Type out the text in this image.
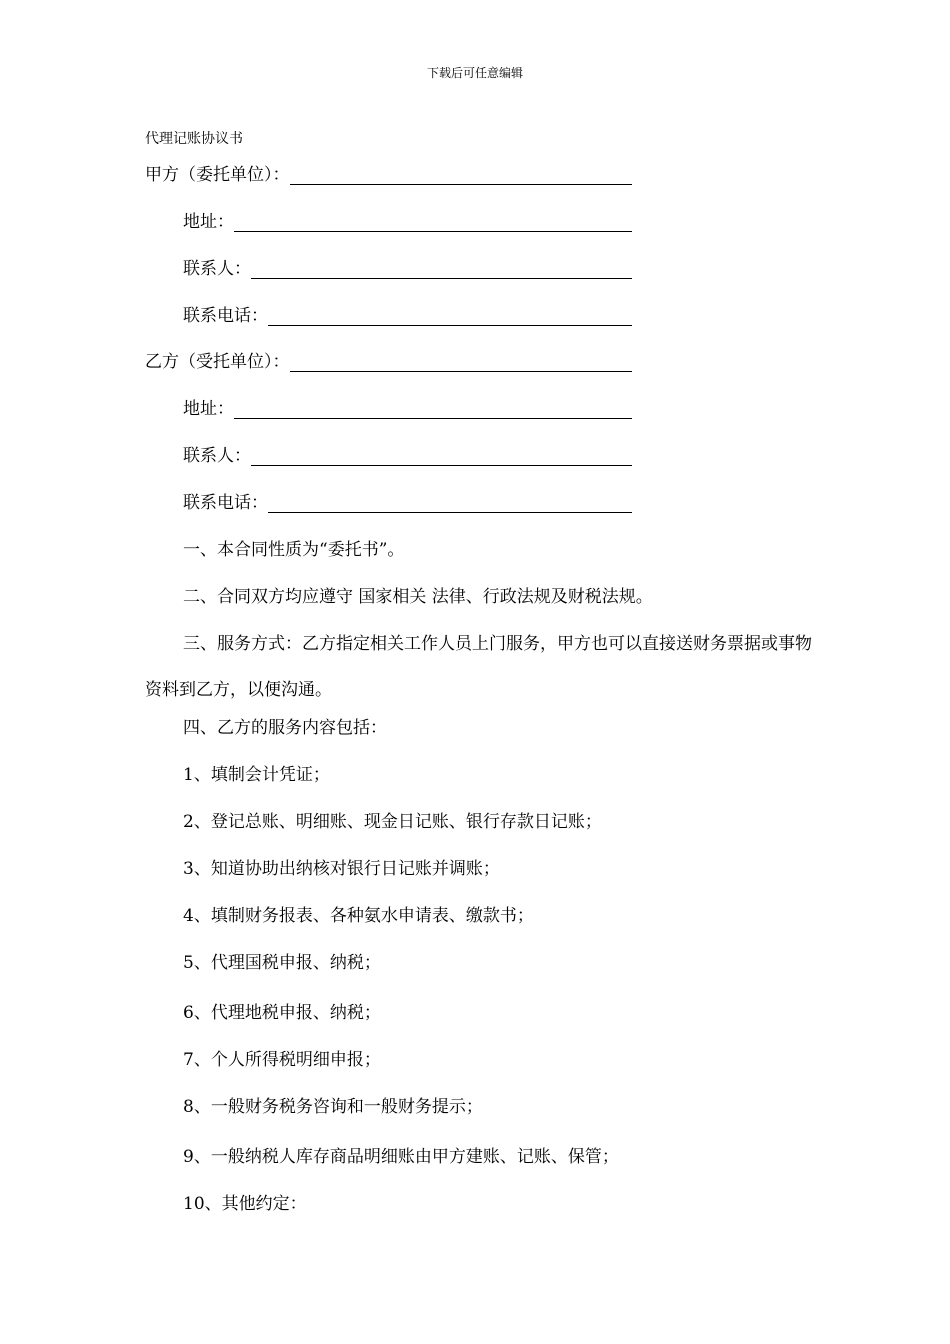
下载后可任意编辑
代理记账协议书
甲方（委托单位）：
地址：
联系人：
联系电话：
乙方（受托单位）：
地址：
联系人：
联系电话：
一、本合同性质为“委托书”。
二、合同双方均应遵守 国家相关 法律、行政法规及财税法规。
三、服务方式：乙方指定相关工作人员上门服务，甲方也可以直接送财务票据或事物资料到乙方，以便沟通。
四、乙方的服务内容包括：
1、填制会计凭证；
2、登记总账、明细账、现金日记账、银行存款日记账；
3、知道协助出纳核对银行日记账并调账；
4、填制财务报表、各种氨水申请表、缴款书；
5、代理国税申报、纳税；
6、代理地税申报、纳税；
7、个人所得税明细申报；
8、一般财务税务咨询和一般财务提示；
9、一般纳税人库存商品明细账由甲方建账、记账、保管；
10、其他约定：
